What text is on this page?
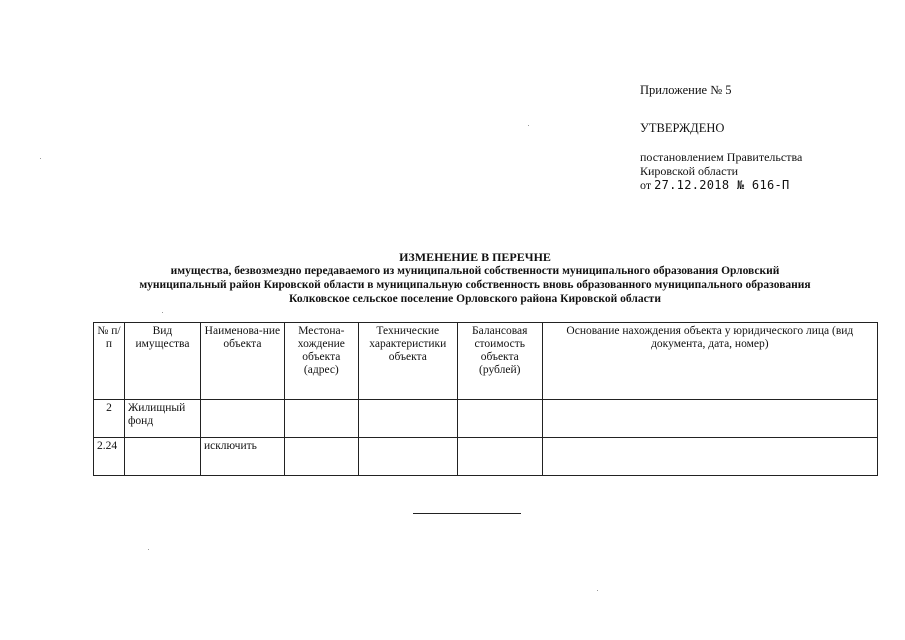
Приложение № 5
УТВЕРЖДЕНО
постановлением Правительства
Кировской области
от 27.12.2018 № 616-П
ИЗМЕНЕНИЕ В ПЕРЕЧНЕ
имущества, безвозмездно передаваемого из муниципальной собственности муниципального образования Орловский
муниципальный район Кировской области в муниципальную собственность вновь образованного муниципального образования
Колковское сельское поселение Орловского района Кировской области
№ п/п	Вид имущества	Наименова-ние объекта	Местона-хождение объекта (адрес)	Технические характеристики объекта	Балансовая стоимость объекта (рублей)	Основание нахождения объекта у юридического лица (вид документа, дата, номер)
2	Жилищный фонд					
2.24		исключить				
